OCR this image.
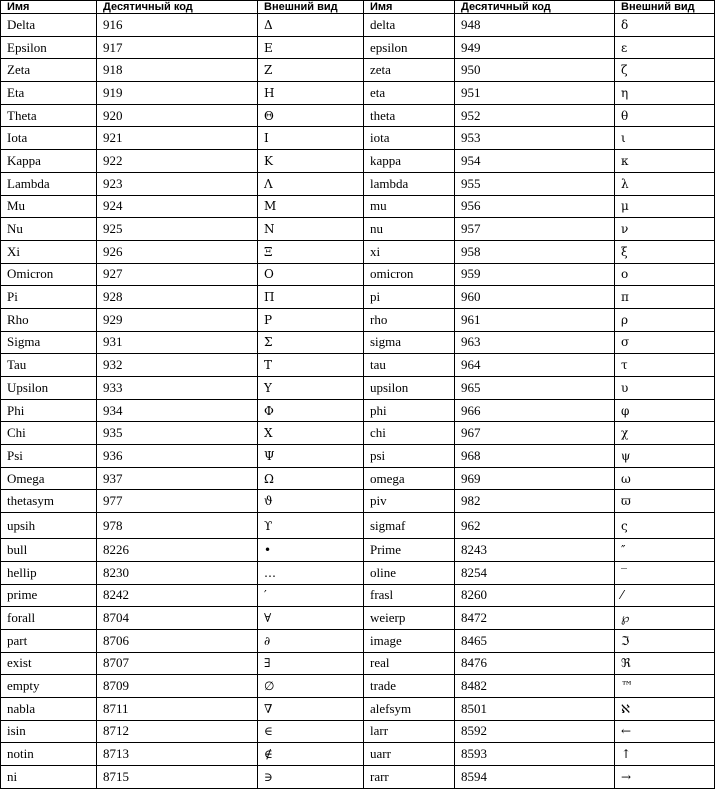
Имя	Десятичный код	Внешний вид	Имя	Десятичный код	Внешний вид
Delta	916	Δ	delta	948	δ
Epsilon	917	Ε	epsilon	949	ε
Zeta	918	Ζ	zeta	950	ζ
Eta	919	Η	eta	951	η
Theta	920	Θ	theta	952	θ
Iota	921	Ι	iota	953	ι
Kappa	922	Κ	kappa	954	κ
Lambda	923	Λ	lambda	955	λ
Mu	924	Μ	mu	956	μ
Nu	925	Ν	nu	957	ν
Xi	926	Ξ	xi	958	ξ
Omicron	927	Ο	omicron	959	ο
Pi	928	Π	pi	960	π
Rho	929	Ρ	rho	961	ρ
Sigma	931	Σ	sigma	963	σ
Tau	932	Τ	tau	964	τ
Upsilon	933	Υ	upsilon	965	υ
Phi	934	Φ	phi	966	φ
Chi	935	Χ	chi	967	χ
Psi	936	Ψ	psi	968	ψ
Omega	937	Ω	omega	969	ω
thetasym	977	ϑ	piv	982	ϖ
upsih	978	ϒ	sigmaf	962	ς
bull	8226	•	Prime	8243	″
hellip	8230	…	oline	8254	‾
prime	8242	′	frasl	8260	⁄
forall	8704	∀	weierp	8472	℘
part	8706	∂	image	8465	ℑ
exist	8707	∃	real	8476	ℜ
empty	8709	∅	trade	8482	™
nabla	8711	∇	alefsym	8501	ℵ
isin	8712	∈	larr	8592	←
notin	8713	∉	uarr	8593	↑
ni	8715	∋	rarr	8594	→
